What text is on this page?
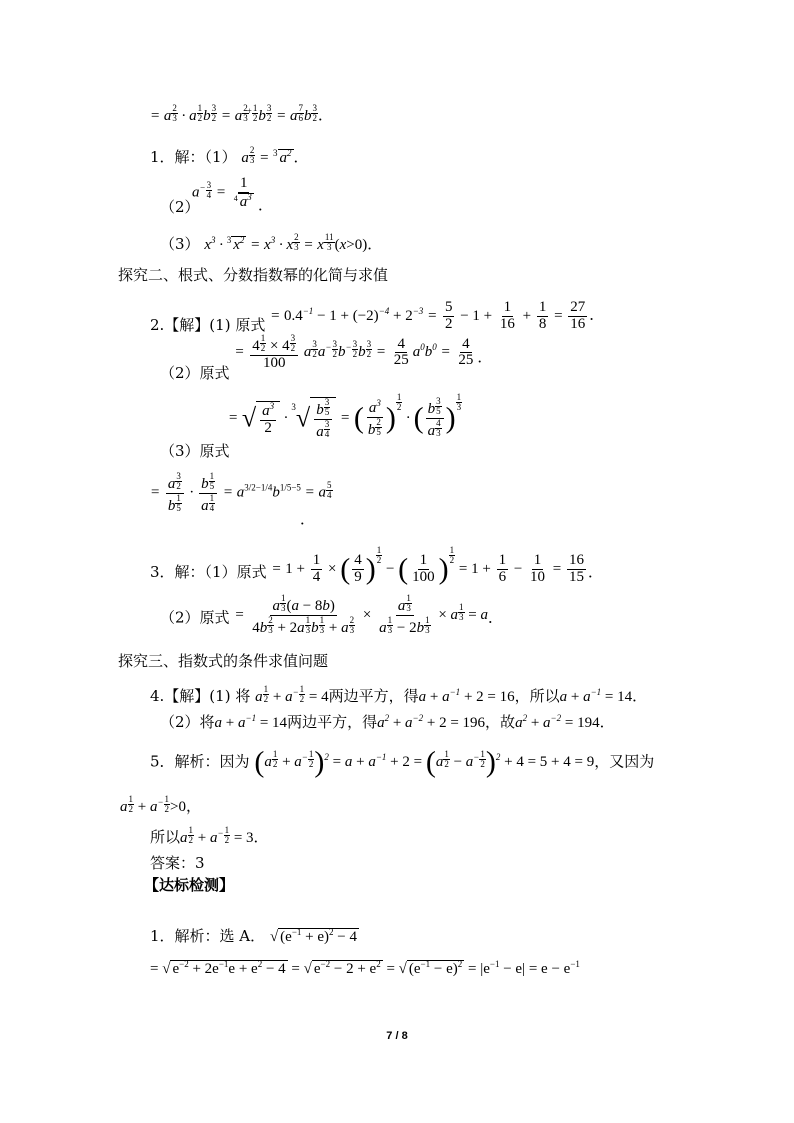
= a $\frac{2}{3} \cdot a \frac{1}{2}$ b $\frac{3}{2} = a \frac{2}{3}$
$^+ \frac{1}{2}$ b $\frac{3}{2} = a \frac{7}{6}$ b $\frac{3}{2}$ ．
1．解：（1） a $\frac{2}{3} = ^3$ $a^2$ ．
$a^- \frac{3}{4} = \frac{1}{^4 a^3}$
（2）	．
（3） $x^3 \cdot ^3$ $x^2 = x^3 \cdot x \frac{2}{3} = x \frac{11}{3} (x>0)$．
探究二、根式、分数指数幂的化简与求值
2.【解】(1) 原式 = $0.4^{-1} - 1 + (-2)^{-4} + 2^{-3} = \frac{5}{2} - 1 + \frac{1}{16} + \frac{1}{8} = \frac{27}{16}$ ．
（2）原式 = $\frac{4 \frac{1}{2} \times 4 \frac{3}{2}}{100}$ a $\frac{3}{2} a^- \frac{3}{2} b^- \frac{3}{2}$ b $\frac{3}{2} = \frac{4}{25} a^0b^0 = \frac{4}{25}$ ．
= √ $\frac{a^3}{2} \cdot ^3√ \frac{b \frac{3}{5}}{a \frac{3}{4}}$ = ( $\frac{a^3}{b \frac{2}{5}}$ ) $\frac{1}{2}$
· ( $\frac{b \frac{3}{5}}{a \frac{4}{3}}$ ) $\frac{1}{3}$
（3）原式
= $\frac{a \frac{3}{2}}{b \frac{1}{5}} \cdot \frac{b \frac{1}{5}}{a \frac{1}{4}} = a^{3/2-1/4}b^{1/5-5} = a \frac{5}{4}$
．
3．解：（1）原式 = $1 + \frac{1}{4}$ × ( $\frac{4}{9}$ ) $\frac{1}{2}$
− ( $\frac{1}{100}$ ) $\frac{1}{2}$
= $1 + \frac{1}{6} - \frac{1}{10} = \frac{16}{15}$ ．
（2）原式 = $\frac{a \frac{1}{3} (a - 8b)}{4b \frac{2}{3} + 2a \frac{1}{3} b \frac{1}{3} + a \frac{2}{3}} \times \frac{a \frac{1}{3}}{a \frac{1}{3} - 2b \frac{1}{3}} \times a \frac{1}{3} = a$．
探究三、指数式的条件求值问题
4.【解】(1) 将 a $\frac{1}{2} + a^- \frac{1}{2} = 4$两边平方，得$a + a^{-1} + 2 = 16$，所以$a + a^{-1} = 14$．
（2）将$a + a^{-1} = 14$两边平方，得$a^2 + a^{-2} + 2 = 196$，故$a^2 + a^{-2} = 194$．
5．解析：因为 $(a \frac{1}{2} + a^- \frac{1}{2} )^2 = a + a^{-1} + 2 = (a \frac{1}{2} - a^- \frac{1}{2} )^2 + 4 = 5 + 4 = 9$，又因为
a $\frac{1}{2} + a^- \frac{1}{2} >0$，
所以a $\frac{1}{2} + a^- \frac{1}{2} = 3$．
答案：3
【达标检测】
1．解析：选 A． √ $(e^{-1} + e)^2 - 4$
= √ $e^{-2} + 2e^{-1}e + e^2 - 4$ = √ $e^{-2} - 2 + e^2$ = √ $(e^{-1} - e)^2 = |e^{-1} - e| = e - e^{-1}$
7 / 8
